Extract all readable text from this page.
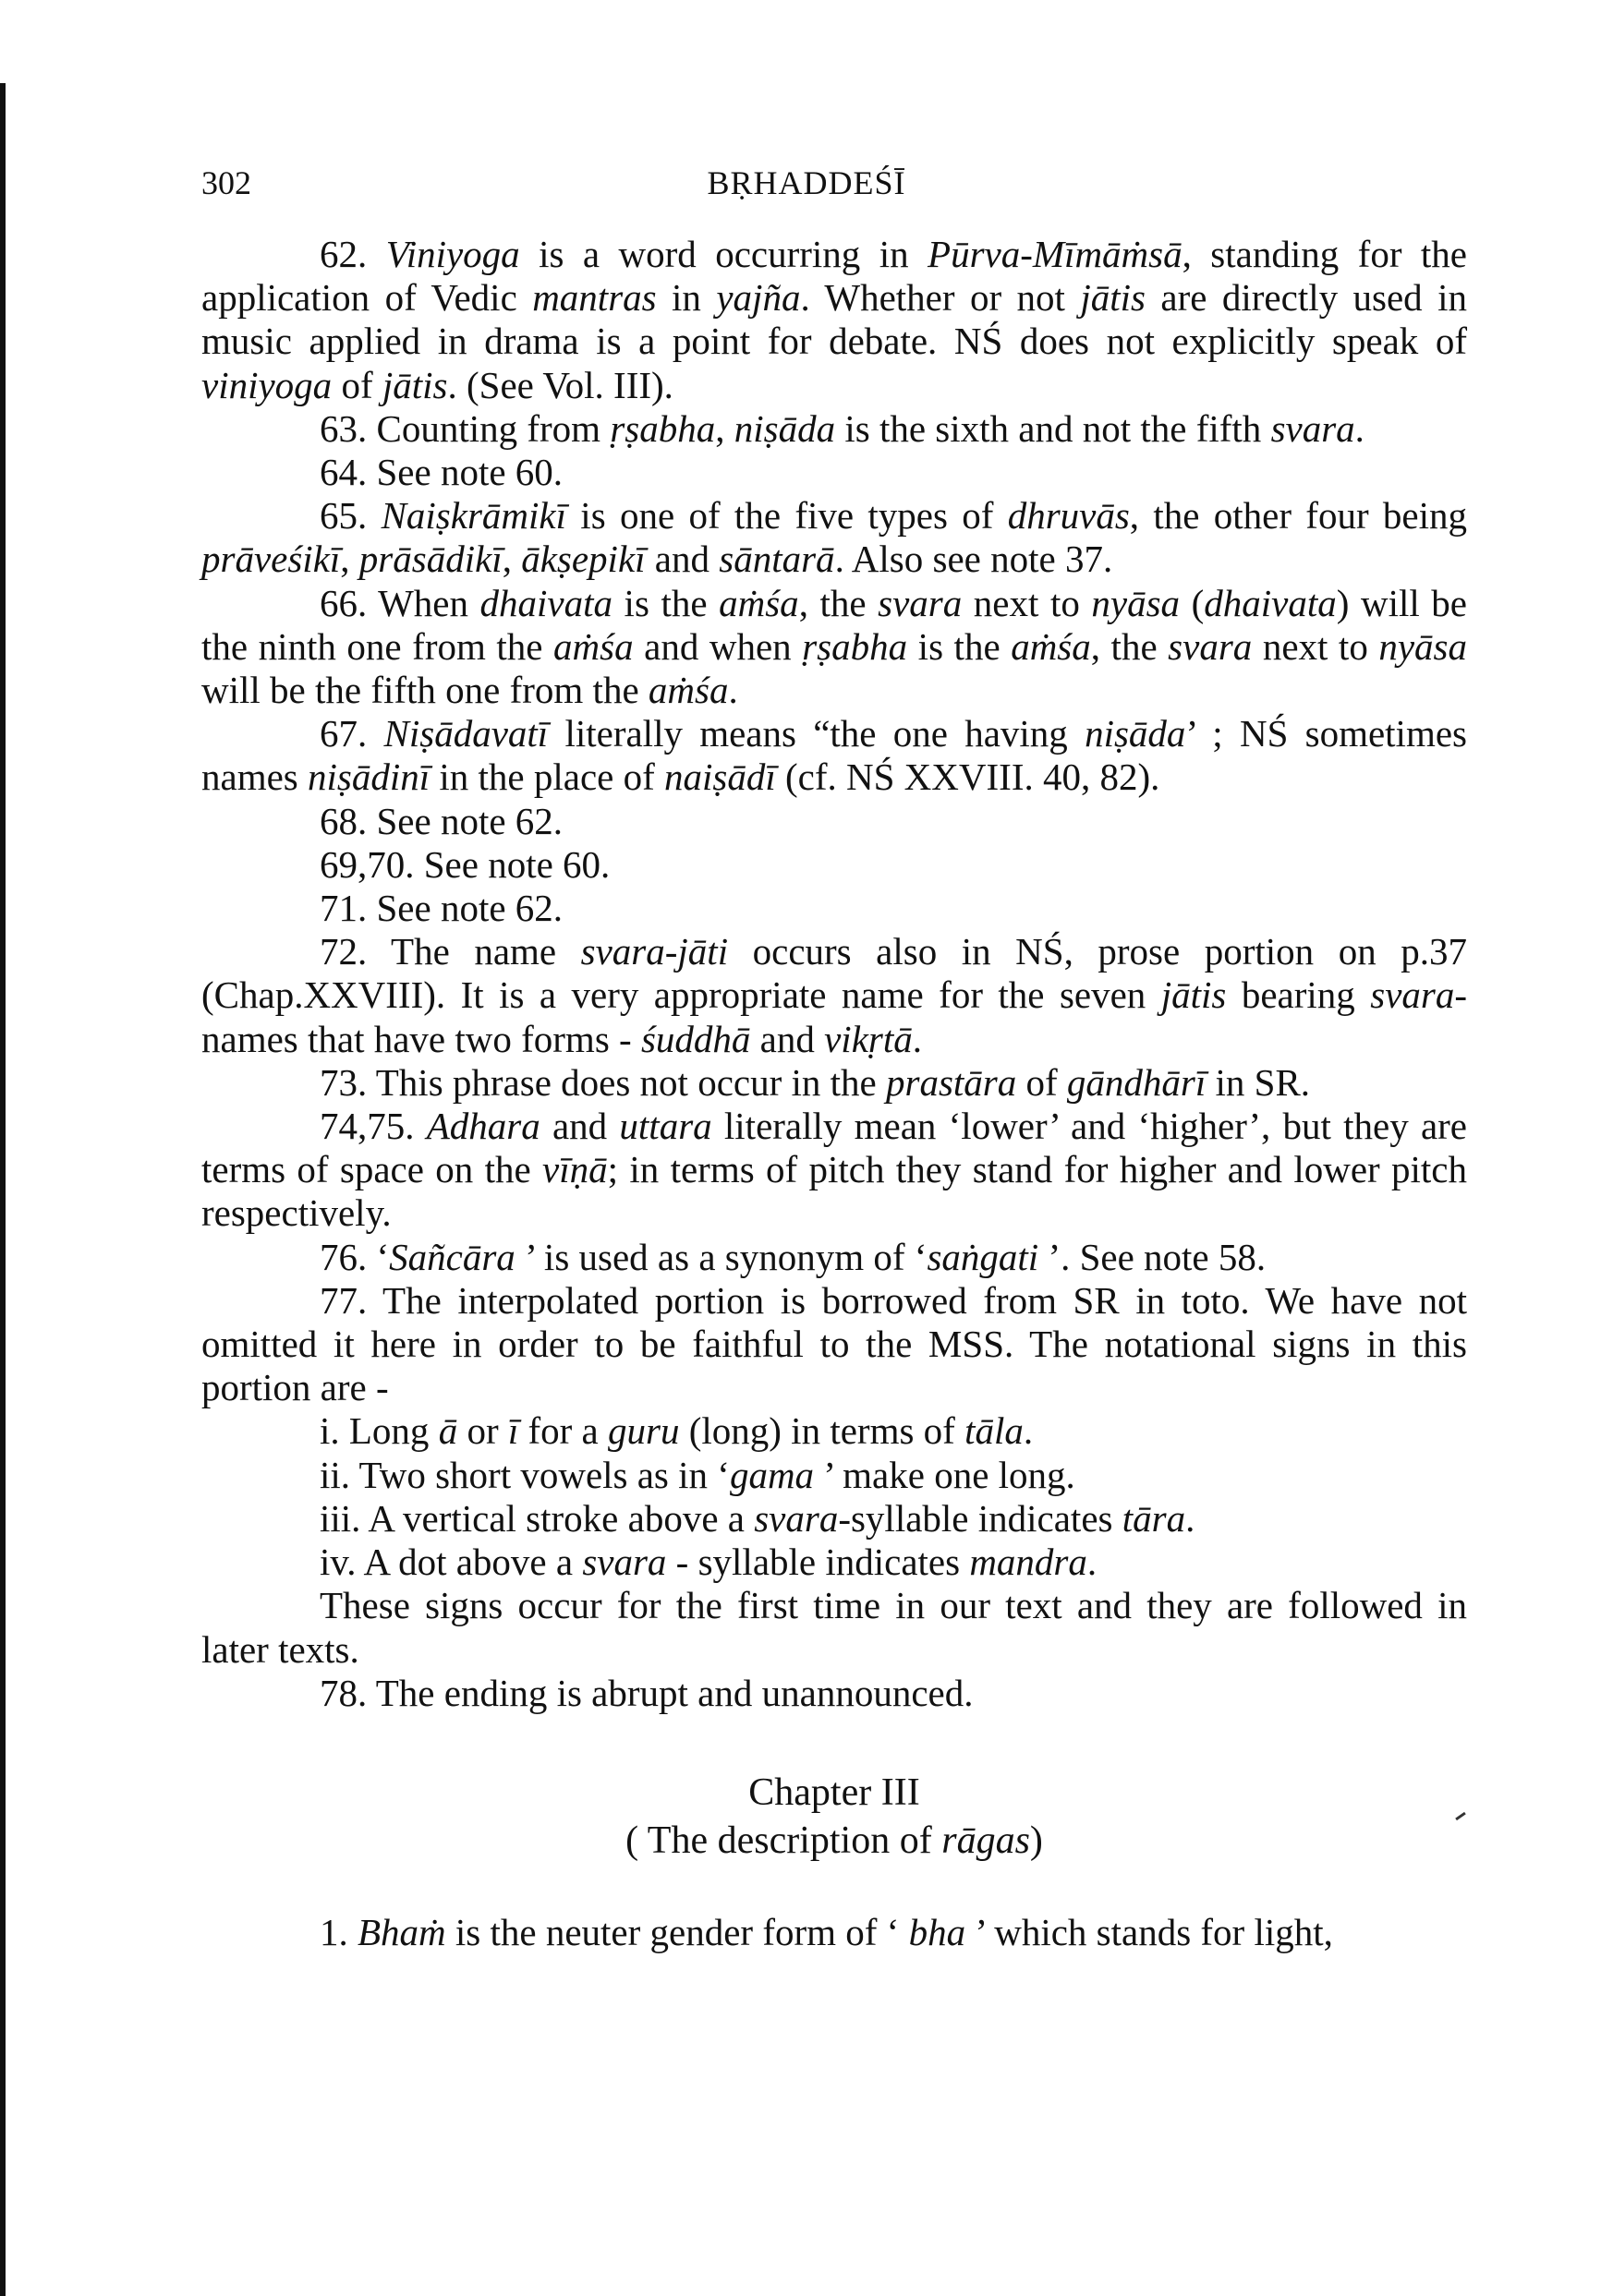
302	BṚHADDEŚĪ

62. Viniyoga is a word occurring in Pūrva-Mīmāṁsā, standing for the application of Vedic mantras in yajña. Whether or not jātis are directly used in music applied in drama is a point for debate. NŚ does not explicitly speak of viniyoga of jātis. (See Vol. III).

63. Counting from ṛṣabha, niṣāda is the sixth and not the fifth svara.

64. See note 60.

65. Naiṣkrāmikī is one of the five types of dhruvās, the other four being prāveśikī, prāsādikī, ākṣepikī and sāntarā. Also see note 37.

66. When dhaivata is the aṁśa, the svara next to nyāsa (dhaivata) will be the ninth one from the aṁśa and when ṛṣabha is the aṁśa, the svara next to nyāsa will be the fifth one from the aṁśa.

67. Niṣādavatī literally means “the one having niṣāda’ ; NŚ sometimes names niṣādinī in the place of naiṣādī (cf. NŚ XXVIII. 40, 82).

68. See note 62.

69,70. See note 60.

71. See note 62.

72. The name svara-jāti occurs also in NŚ, prose portion on p.37 (Chap.XXVIII). It is a very appropriate name for the seven jātis bearing svara-names that have two forms - śuddhā and vikṛtā.

73. This phrase does not occur in the prastāra of gāndhārī in SR.

74,75. Adhara and uttara literally mean ‘lower’ and ‘higher’, but they are terms of space on the vīṇā; in terms of pitch they stand for higher and lower pitch respectively.

76. ‘Sañcāra ’ is used as a synonym of ‘saṅgati ’. See note 58.

77. The interpolated portion is borrowed from SR in toto. We have not omitted it here in order to be faithful to the MSS. The notational signs in this portion are -

i. Long ā or ī for a guru (long) in terms of tāla.

ii. Two short vowels as in ‘gama ’ make one long.

iii. A vertical stroke above a svara-syllable indicates tāra.

iv. A dot above a svara - syllable indicates mandra.

These signs occur for the first time in our text and they are followed in later texts.

78. The ending is abrupt and unannounced.

Chapter III
( The description of rāgas)

1. Bhaṁ is the neuter gender form of ‘ bha ’ which stands for light,
